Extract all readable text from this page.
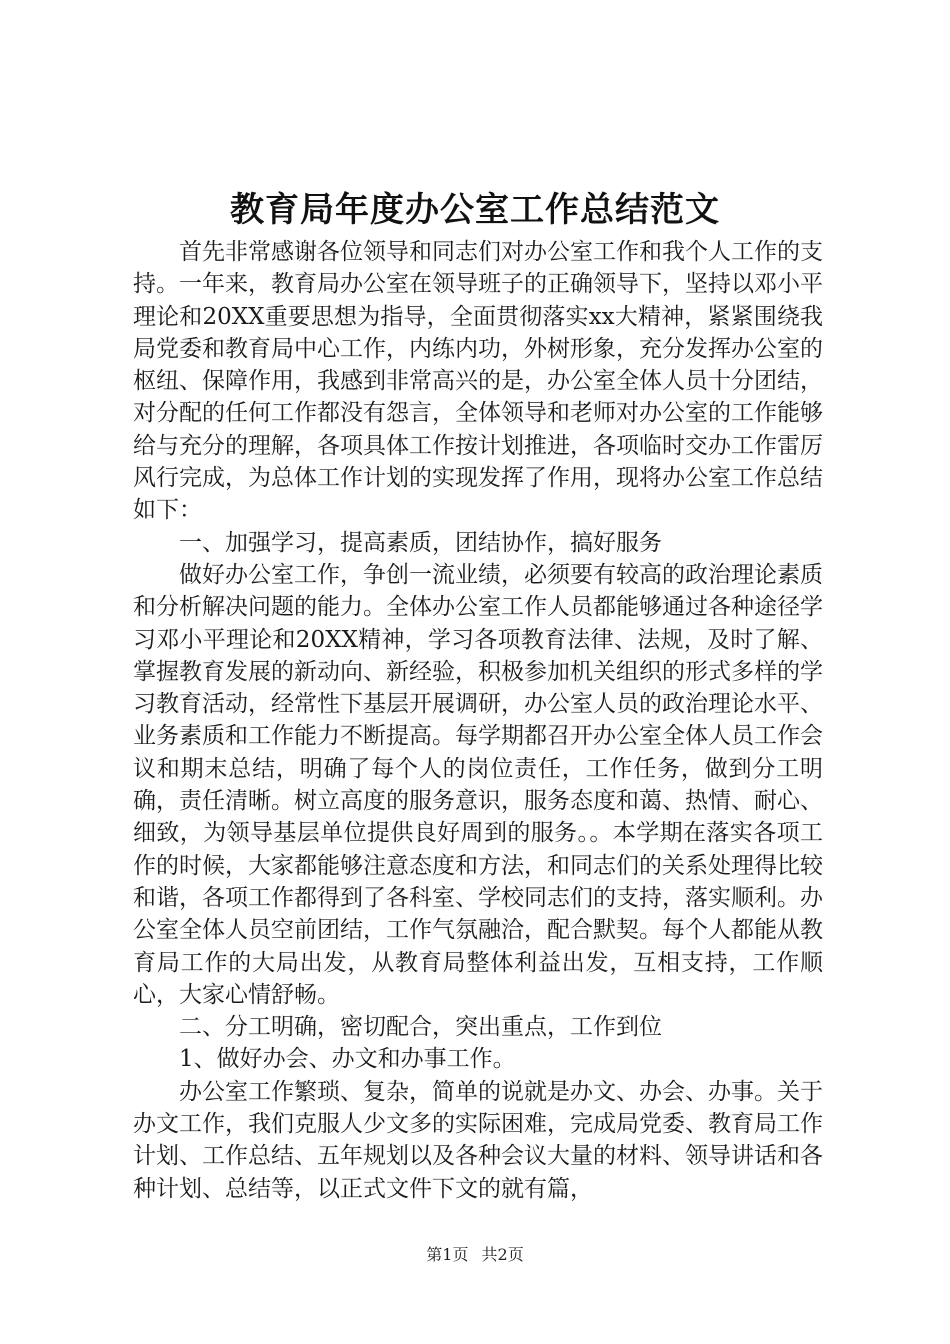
教育局年度办公室工作总结范文

首先非常感谢各位领导和同志们对办公室工作和我个人工作的支持。一年来，教育局办公室在领导班子的正确领导下，坚持以邓小平理论和20XX重要思想为指导，全面贯彻落实xx大精神，紧紧围绕我局党委和教育局中心工作，内练内功，外树形象，充分发挥办公室的枢纽、保障作用，我感到非常高兴的是，办公室全体人员十分团结，对分配的任何工作都没有怨言，全体领导和老师对办公室的工作能够给与充分的理解，各项具体工作按计划推进，各项临时交办工作雷厉风行完成，为总体工作计划的实现发挥了作用，现将办公室工作总结如下：

一、加强学习，提高素质，团结协作，搞好服务

做好办公室工作，争创一流业绩，必须要有较高的政治理论素质和分析解决问题的能力。全体办公室工作人员都能够通过各种途径学习邓小平理论和20XX精神，学习各项教育法律、法规，及时了解、掌握教育发展的新动向、新经验，积极参加机关组织的形式多样的学习教育活动，经常性下基层开展调研，办公室人员的政治理论水平、业务素质和工作能力不断提高。每学期都召开办公室全体人员工作会议和期末总结，明确了每个人的岗位责任，工作任务，做到分工明确，责任清晰。树立高度的服务意识，服务态度和蔼、热情、耐心、细致，为领导基层单位提供良好周到的服务。。本学期在落实各项工作的时候，大家都能够注意态度和方法，和同志们的关系处理得比较和谐，各项工作都得到了各科室、学校同志们的支持，落实顺利。办公室全体人员空前团结，工作气氛融洽，配合默契。每个人都能从教育局工作的大局出发，从教育局整体利益出发，互相支持，工作顺心，大家心情舒畅。

二、分工明确，密切配合，突出重点，工作到位

1、做好办会、办文和办事工作。

办公室工作繁琐、复杂，简单的说就是办文、办会、办事。关于办文工作，我们克服人少文多的实际困难，完成局党委、教育局工作计划、工作总结、五年规划以及各种会议大量的材料、领导讲话和各种计划、总结等，以正式文件下文的就有篇，

第1页 共2页
